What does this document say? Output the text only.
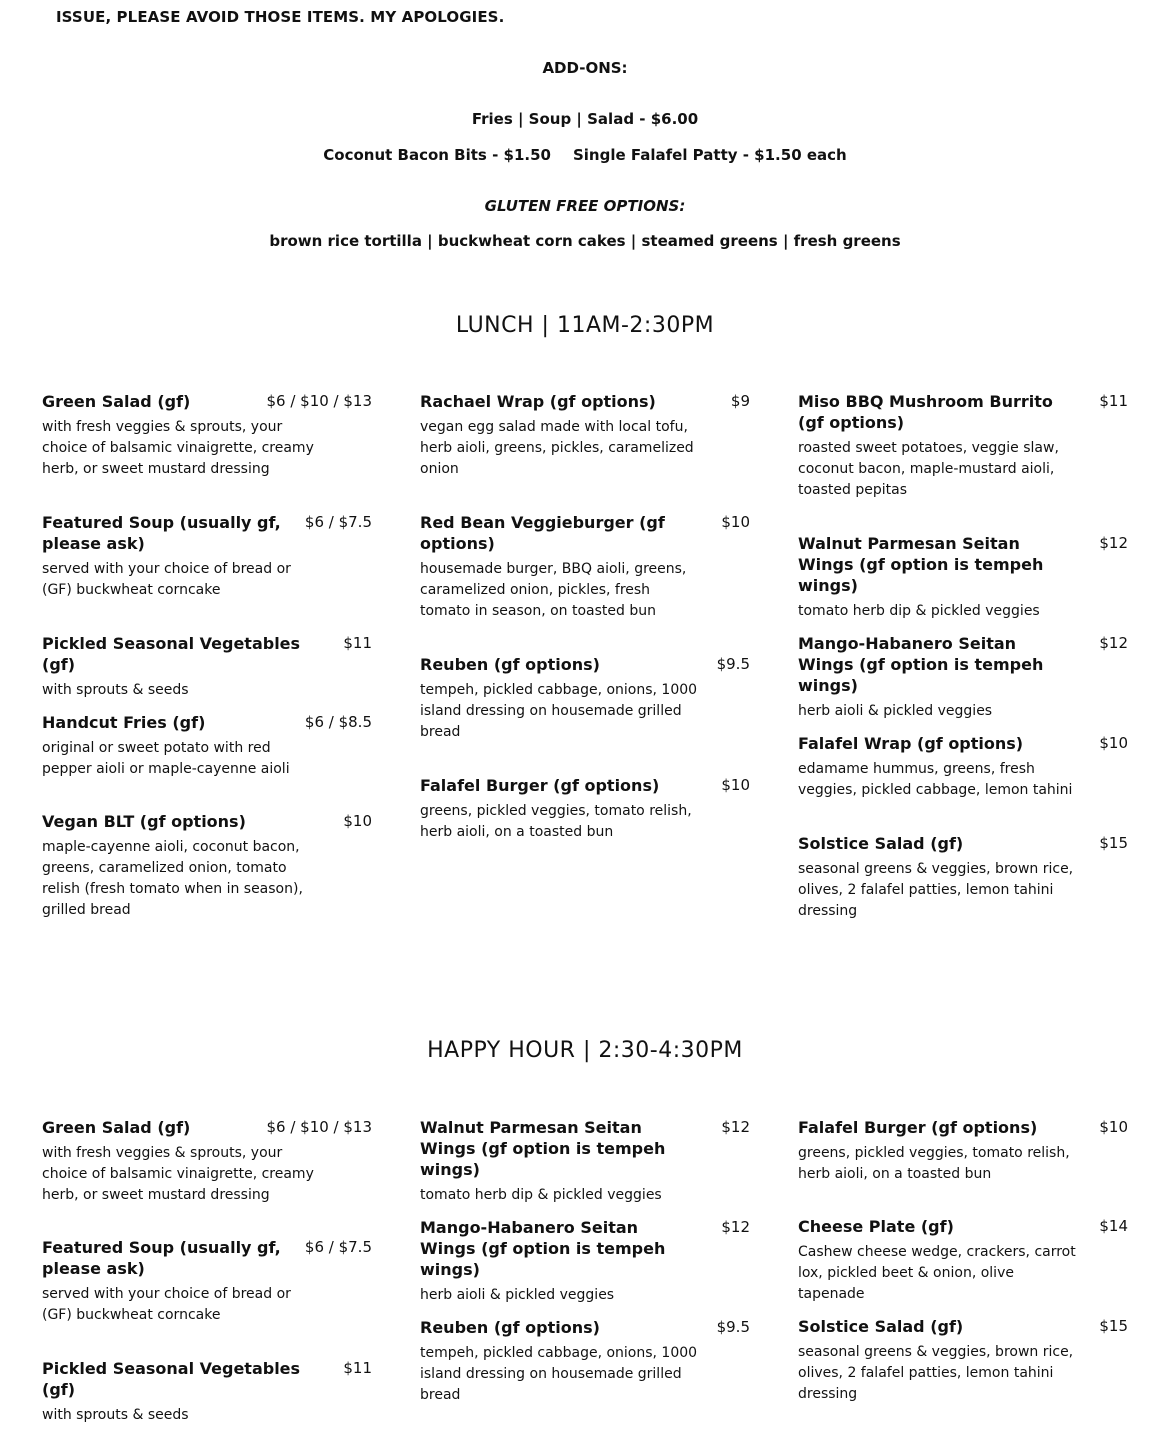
ISSUE, PLEASE AVOID THOSE ITEMS. MY APOLOGIES.
ADD-ONS:
Fries | Soup | Salad - $6.00
Coconut Bacon Bits - $1.50 Single Falafel Patty - $1.50 each
GLUTEN FREE OPTIONS:
brown rice tortilla | buckwheat corn cakes | steamed greens | fresh greens
LUNCH | 11AM-2:30PM
Green Salad (gf)	$6 / $10 / $13
with fresh veggies & sprouts, your choice of balsamic vinaigrette, creamy herb, or sweet mustard dressing
Featured Soup (usually gf, please ask)
$6 / $7.5
served with your choice of bread or (GF) buckwheat corncake
Pickled Seasonal Vegetables (gf)
$11
with sprouts & seeds
Handcut Fries (gf)	$6 / $8.5
original or sweet potato with red pepper aioli or maple-cayenne aioli
Vegan BLT (gf options)	$10
maple-cayenne aioli, coconut bacon, greens, caramelized onion, tomato relish (fresh tomato when in season), grilled bread
Rachael Wrap (gf options)	$9
vegan egg salad made with local tofu, herb aioli, greens, pickles, caramelized onion
Red Bean Veggieburger (gf options)
$10
housemade burger, BBQ aioli, greens, caramelized onion, pickles, fresh tomato in season, on toasted bun
Reuben (gf options)	$9.5
tempeh, pickled cabbage, onions, 1000 island dressing on housemade grilled bread
Falafel Burger (gf options)	$10
greens, pickled veggies, tomato relish, herb aioli, on a toasted bun
Miso BBQ Mushroom Burrito (gf options)
$11
roasted sweet potatoes, veggie slaw, coconut bacon, maple-mustard aioli, toasted pepitas
Walnut Parmesan Seitan Wings (gf option is tempeh wings)
$12
tomato herb dip & pickled veggies
Mango-Habanero Seitan Wings (gf option is tempeh wings)
$12
herb aioli & pickled veggies
Falafel Wrap (gf options)	$10
edamame hummus, greens, fresh veggies, pickled cabbage, lemon tahini
Solstice Salad (gf)	$15
seasonal greens & veggies, brown rice, olives, 2 falafel patties, lemon tahini dressing
HAPPY HOUR | 2:30-4:30PM
Green Salad (gf)	$6 / $10 / $13
with fresh veggies & sprouts, your choice of balsamic vinaigrette, creamy herb, or sweet mustard dressing
Featured Soup (usually gf, please ask)
$6 / $7.5
served with your choice of bread or (GF) buckwheat corncake
Pickled Seasonal Vegetables (gf)
$11
with sprouts & seeds
Walnut Parmesan Seitan Wings (gf option is tempeh wings)
$12
tomato herb dip & pickled veggies
Mango-Habanero Seitan Wings (gf option is tempeh wings)
$12
herb aioli & pickled veggies
Reuben (gf options)	$9.5
tempeh, pickled cabbage, onions, 1000 island dressing on housemade grilled bread
Falafel Burger (gf options)	$10
greens, pickled veggies, tomato relish, herb aioli, on a toasted bun
Cheese Plate (gf)	$14
Cashew cheese wedge, crackers, carrot lox, pickled beet & onion, olive tapenade
Solstice Salad (gf)	$15
seasonal greens & veggies, brown rice, olives, 2 falafel patties, lemon tahini dressing
